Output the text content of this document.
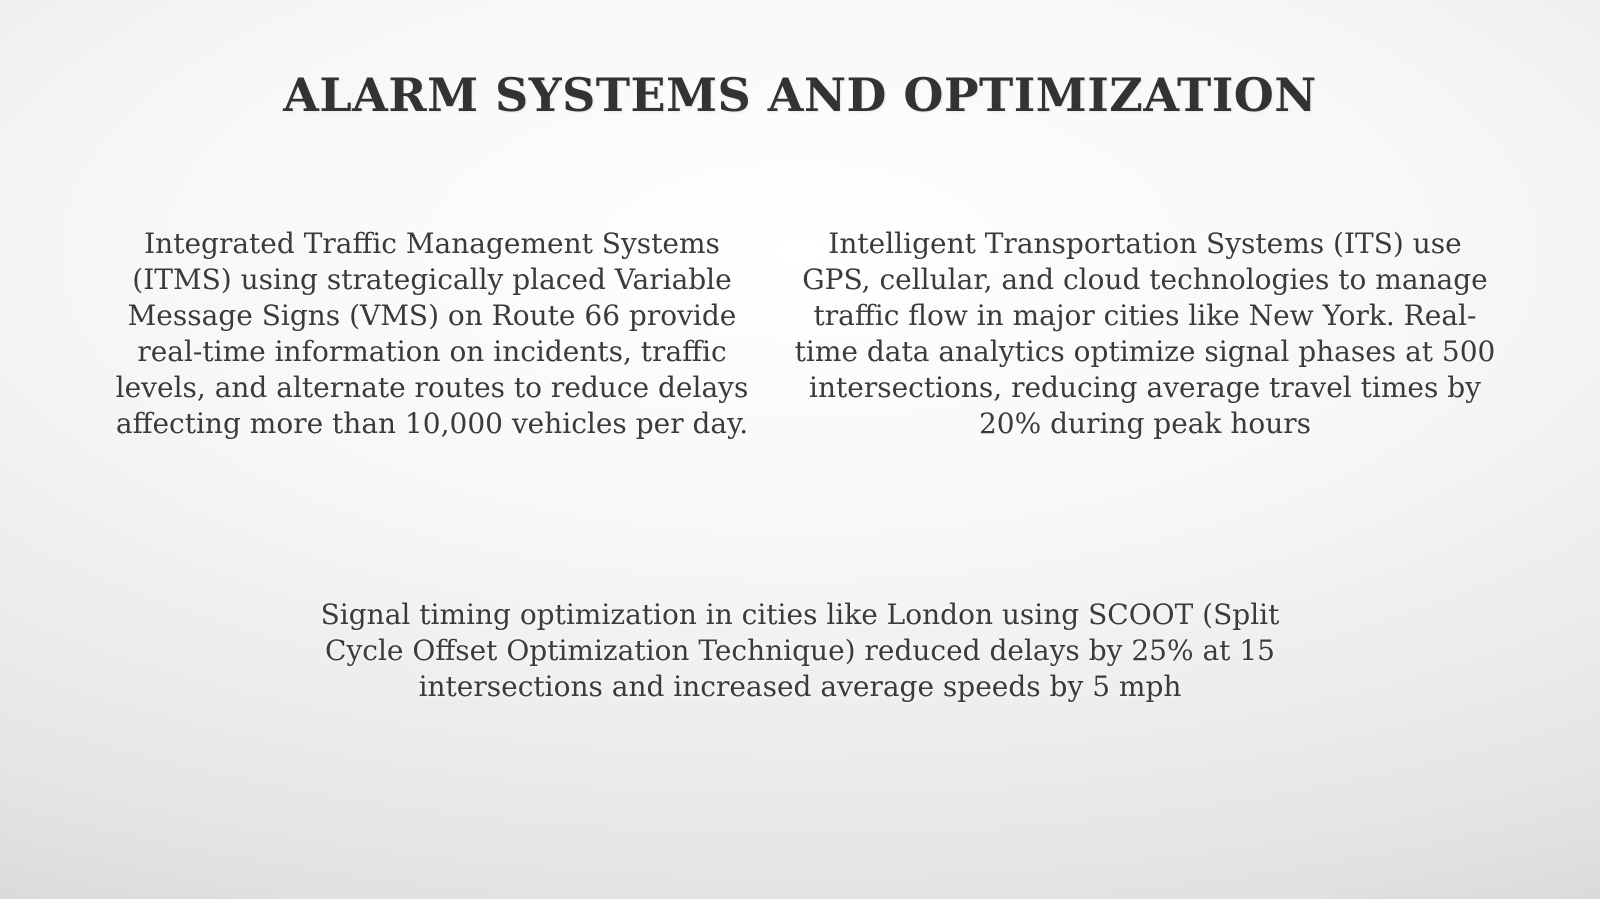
ALARM SYSTEMS AND OPTIMIZATION

Integrated Traffic Management Systems (ITMS) using strategically placed Variable Message Signs (VMS) on Route 66 provide real-time information on incidents, traffic levels, and alternate routes to reduce delays affecting more than 10,000 vehicles per day.

Intelligent Transportation Systems (ITS) use GPS, cellular, and cloud technologies to manage traffic flow in major cities like New York. Real-time data analytics optimize signal phases at 500 intersections, reducing average travel times by 20% during peak hours

Signal timing optimization in cities like London using SCOOT (Split Cycle Offset Optimization Technique) reduced delays by 25% at 15 intersections and increased average speeds by 5 mph
